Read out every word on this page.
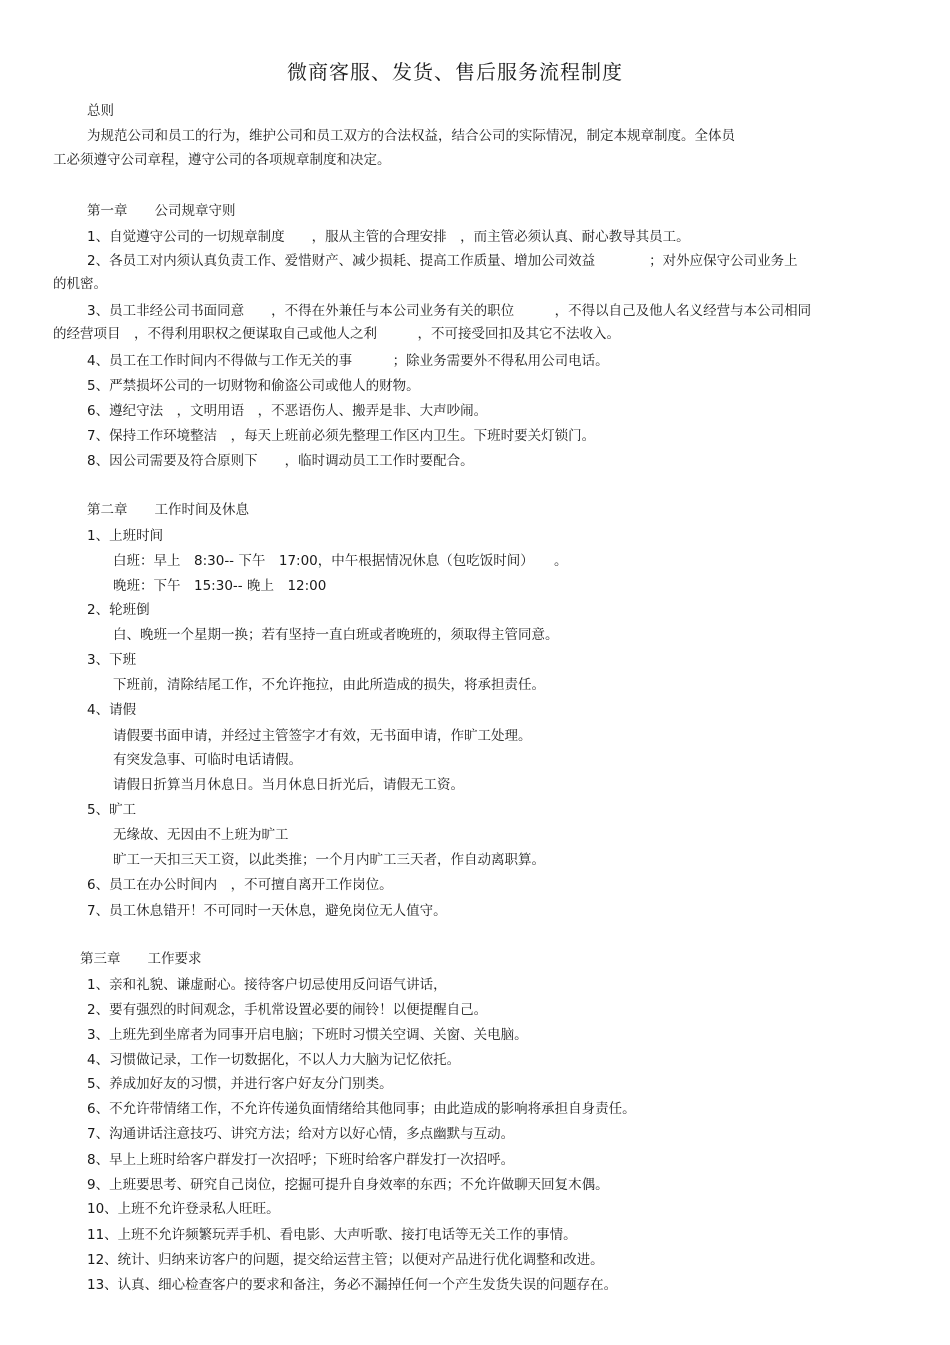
微商客服、发货、售后服务流程制度
总则
为规范公司和员工的行为，维护公司和员工双方的合法权益，结合公司的实际情况，制定本规章制度。全体员
工必须遵守公司章程，遵守公司的各项规章制度和决定。
第一章　　公司规章守则
1、自觉遵守公司的一切规章制度　　，服从主管的合理安排　，而主管必须认真、耐心教导其员工。
2、各员工对内须认真负责工作、爱惜财产、减少损耗、提高工作质量、增加公司效益　　　　；对外应保守公司业务上
的机密。
3、员工非经公司书面同意　　，不得在外兼任与本公司业务有关的职位　　　，不得以自己及他人名义经营与本公司相同
的经营项目　，不得利用职权之便谋取自己或他人之利　　　，不可接受回扣及其它不法收入。
4、员工在工作时间内不得做与工作无关的事　　　；除业务需要外不得私用公司电话。
5、严禁损坏公司的一切财物和偷盗公司或他人的财物。
6、遵纪守法　，文明用语　，不恶语伤人、搬弄是非、大声吵闹。
7、保持工作环境整洁　，每天上班前必须先整理工作区内卫生。下班时要关灯锁门。
8、因公司需要及符合原则下　　，临时调动员工工作时要配合。
第二章　　工作时间及休息
1、上班时间
白班：早上　8:30-- 下午　17:00，中午根据情况休息（包吃饭时间）　　。
晚班：下午　15:30-- 晚上　12:00
2、轮班倒
白、晚班一个星期一换；若有坚持一直白班或者晚班的，须取得主管同意。
3、下班
下班前，清除结尾工作，不允许拖拉，由此所造成的损失，将承担责任。
4、请假
请假要书面申请，并经过主管签字才有效，无书面申请，作旷工处理。
有突发急事、可临时电话请假。
请假日折算当月休息日。当月休息日折光后，请假无工资。
5、旷工
无缘故、无因由不上班为旷工
旷工一天扣三天工资，以此类推；一个月内旷工三天者，作自动离职算。
6、员工在办公时间内　，不可擅自离开工作岗位。
7、员工休息错开！不可同时一天休息，避免岗位无人值守。
第三章　　工作要求
1、亲和礼貌、谦虚耐心。接待客户切忌使用反问语气讲话，
2、要有强烈的时间观念，手机常设置必要的闹铃！以便提醒自己。
3、上班先到坐席者为同事开启电脑；下班时习惯关空调、关窗、关电脑。
4、习惯做记录，工作一切数据化，不以人力大脑为记忆依托。
5、养成加好友的习惯，并进行客户好友分门别类。
6、不允许带情绪工作，不允许传递负面情绪给其他同事；由此造成的影响将承担自身责任。
7、沟通讲话注意技巧、讲究方法；给对方以好心情，多点幽默与互动。
8、早上上班时给客户群发打一次招呼；下班时给客户群发打一次招呼。
9、上班要思考、研究自己岗位，挖掘可提升自身效率的东西；不允许做聊天回复木偶。
10、上班不允许登录私人旺旺。
11、上班不允许频繁玩弄手机、看电影、大声听歌、接打电话等无关工作的事情。
12、统计、归纳来访客户的问题，提交给运营主管；以便对产品进行优化调整和改进。
13、认真、细心检查客户的要求和备注，务必不漏掉任何一个产生发货失误的问题存在。
